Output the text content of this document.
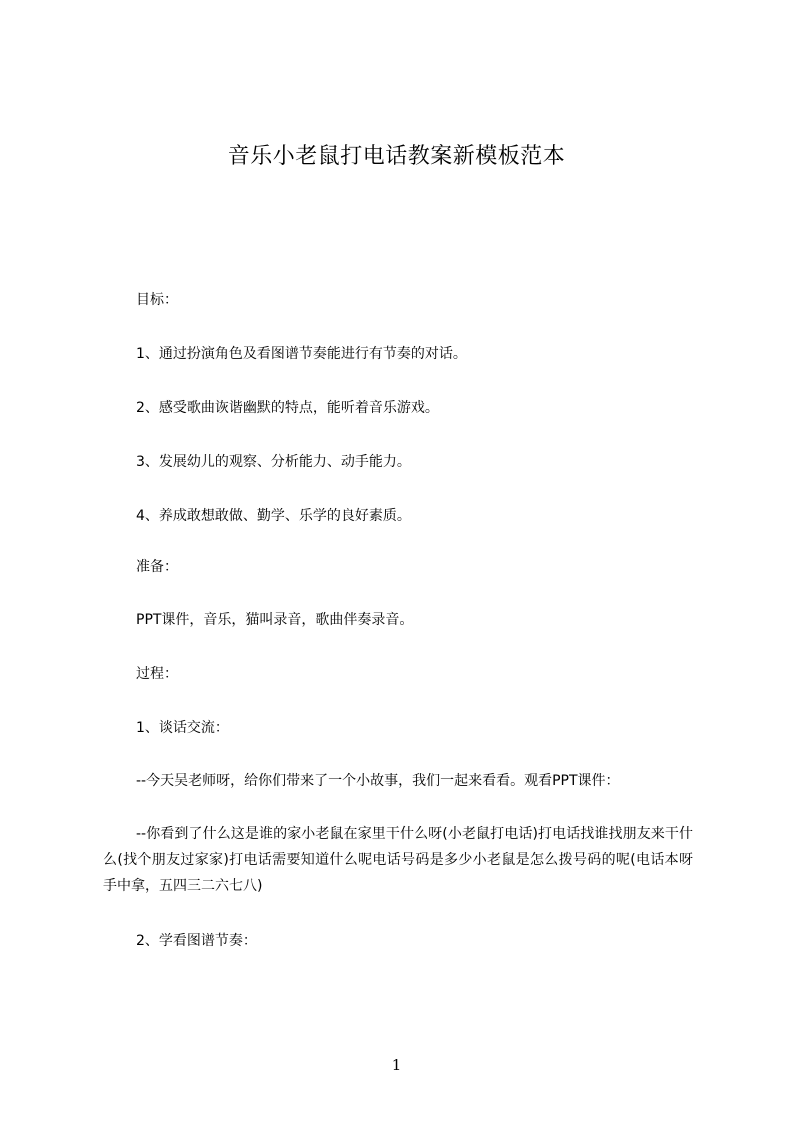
音乐小老鼠打电话教案新模板范本
目标：
1、通过扮演角色及看图谱节奏能进行有节奏的对话。
2、感受歌曲诙谐幽默的特点，能听着音乐游戏。
3、发展幼儿的观察、分析能力、动手能力。
4、养成敢想敢做、勤学、乐学的良好素质。
准备：
PPT课件，音乐，猫叫录音，歌曲伴奏录音。
过程：
1、谈话交流：
--今天吴老师呀，给你们带来了一个小故事，我们一起来看看。观看PPT课件：
--你看到了什么这是谁的家小老鼠在家里干什么呀(小老鼠打电话)打电话找谁找朋友来干什么(找个朋友过家家)打电话需要知道什么呢电话号码是多少小老鼠是怎么拨号码的呢(电话本呀手中拿，五四三二六七八)
2、学看图谱节奏：
1
